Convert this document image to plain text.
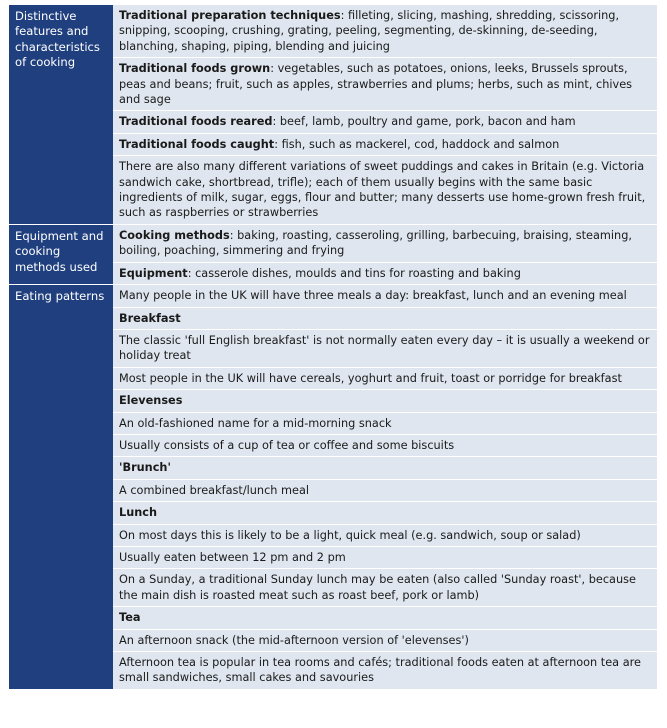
Distinctive features and characteristics of cooking
Traditional preparation techniques: filleting, slicing, mashing, shredding, scissoring, snipping, scooping, crushing, grating, peeling, segmenting, de-skinning, de-seeding, blanching, shaping, piping, blending and juicing
Traditional foods grown: vegetables, such as potatoes, onions, leeks, Brussels sprouts, peas and beans; fruit, such as apples, strawberries and plums; herbs, such as mint, chives and sage
Traditional foods reared: beef, lamb, poultry and game, pork, bacon and ham
Traditional foods caught: fish, such as mackerel, cod, haddock and salmon
There are also many different variations of sweet puddings and cakes in Britain (e.g. Victoria sandwich cake, shortbread, trifle); each of them usually begins with the same basic ingredients of milk, sugar, eggs, flour and butter; many desserts use home-grown fresh fruit, such as raspberries or strawberries
Equipment and cooking methods used
Cooking methods: baking, roasting, casseroling, grilling, barbecuing, braising, steaming, boiling, poaching, simmering and frying
Equipment: casserole dishes, moulds and tins for roasting and baking
Eating patterns	Many people in the UK will have three meals a day: breakfast, lunch and an evening meal
Breakfast
The classic 'full English breakfast' is not normally eaten every day – it is usually a weekend or holiday treat
Most people in the UK will have cereals, yoghurt and fruit, toast or porridge for breakfast
Elevenses
An old-fashioned name for a mid-morning snack
Usually consists of a cup of tea or coffee and some biscuits
'Brunch'
A combined breakfast/lunch meal
Lunch
On most days this is likely to be a light, quick meal (e.g. sandwich, soup or salad)
Usually eaten between 12 pm and 2 pm
On a Sunday, a traditional Sunday lunch may be eaten (also called 'Sunday roast', because the main dish is roasted meat such as roast beef, pork or lamb)
Tea
An afternoon snack (the mid-afternoon version of 'elevenses')
Afternoon tea is popular in tea rooms and cafés; traditional foods eaten at afternoon tea are small sandwiches, small cakes and savouries
